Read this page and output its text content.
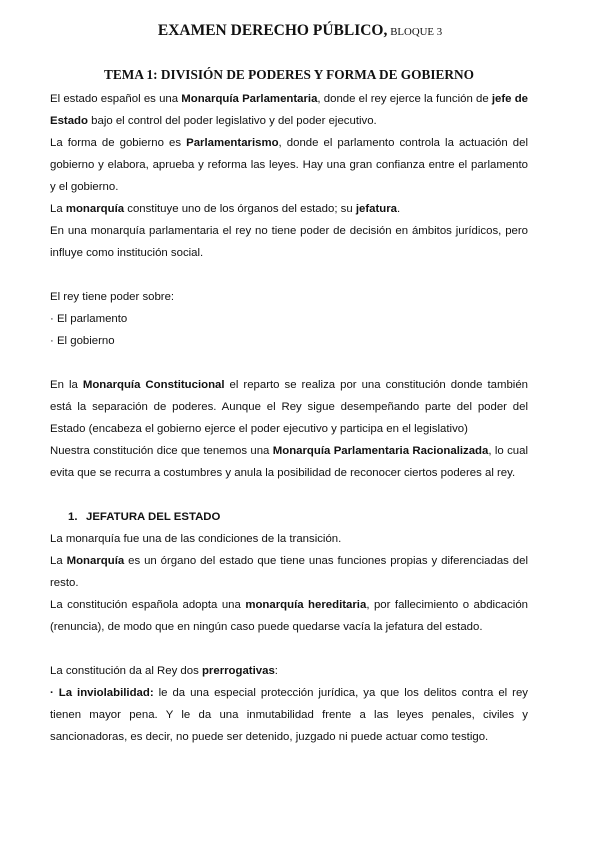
EXAMEN DERECHO PÚBLICO, BLOQUE 3
TEMA 1: DIVISIÓN DE PODERES Y FORMA DE GOBIERNO

El estado español es una Monarquía Parlamentaria, donde el rey ejerce la función de jefe de Estado bajo el control del poder legislativo y del poder ejecutivo.

La forma de gobierno es Parlamentarismo, donde el parlamento controla la actuación del gobierno y elabora, aprueba y reforma las leyes. Hay una gran confianza entre el parlamento y el gobierno.

La monarquía constituye uno de los órganos del estado; su jefatura.

En una monarquía parlamentaria el rey no tiene poder de decisión en ámbitos jurídicos, pero influye como institución social.

El rey tiene poder sobre:

· El parlamento

· El gobierno

En la Monarquía Constitucional el reparto se realiza por una constitución donde también está la separación de poderes. Aunque el Rey sigue desempeñando parte del poder del Estado (encabeza el gobierno ejerce el poder ejecutivo y participa en el legislativo)

Nuestra constitución dice que tenemos una Monarquía Parlamentaria Racionalizada, lo cual evita que se recurra a costumbres y anula la posibilidad de reconocer ciertos poderes al rey.

1. JEFATURA DEL ESTADO

La monarquía fue una de las condiciones de la transición.

La Monarquía es un órgano del estado que tiene unas funciones propias y diferenciadas del resto.

La constitución española adopta una monarquía hereditaria, por fallecimiento o abdicación (renuncia), de modo que en ningún caso puede quedarse vacía la jefatura del estado.

La constitución da al Rey dos prerrogativas:

· La inviolabilidad: le da una especial protección jurídica, ya que los delitos contra el rey tienen mayor pena. Y le da una inmutabilidad frente a las leyes penales, civiles y sancionadoras, es decir, no puede ser detenido, juzgado ni puede actuar como testigo.
